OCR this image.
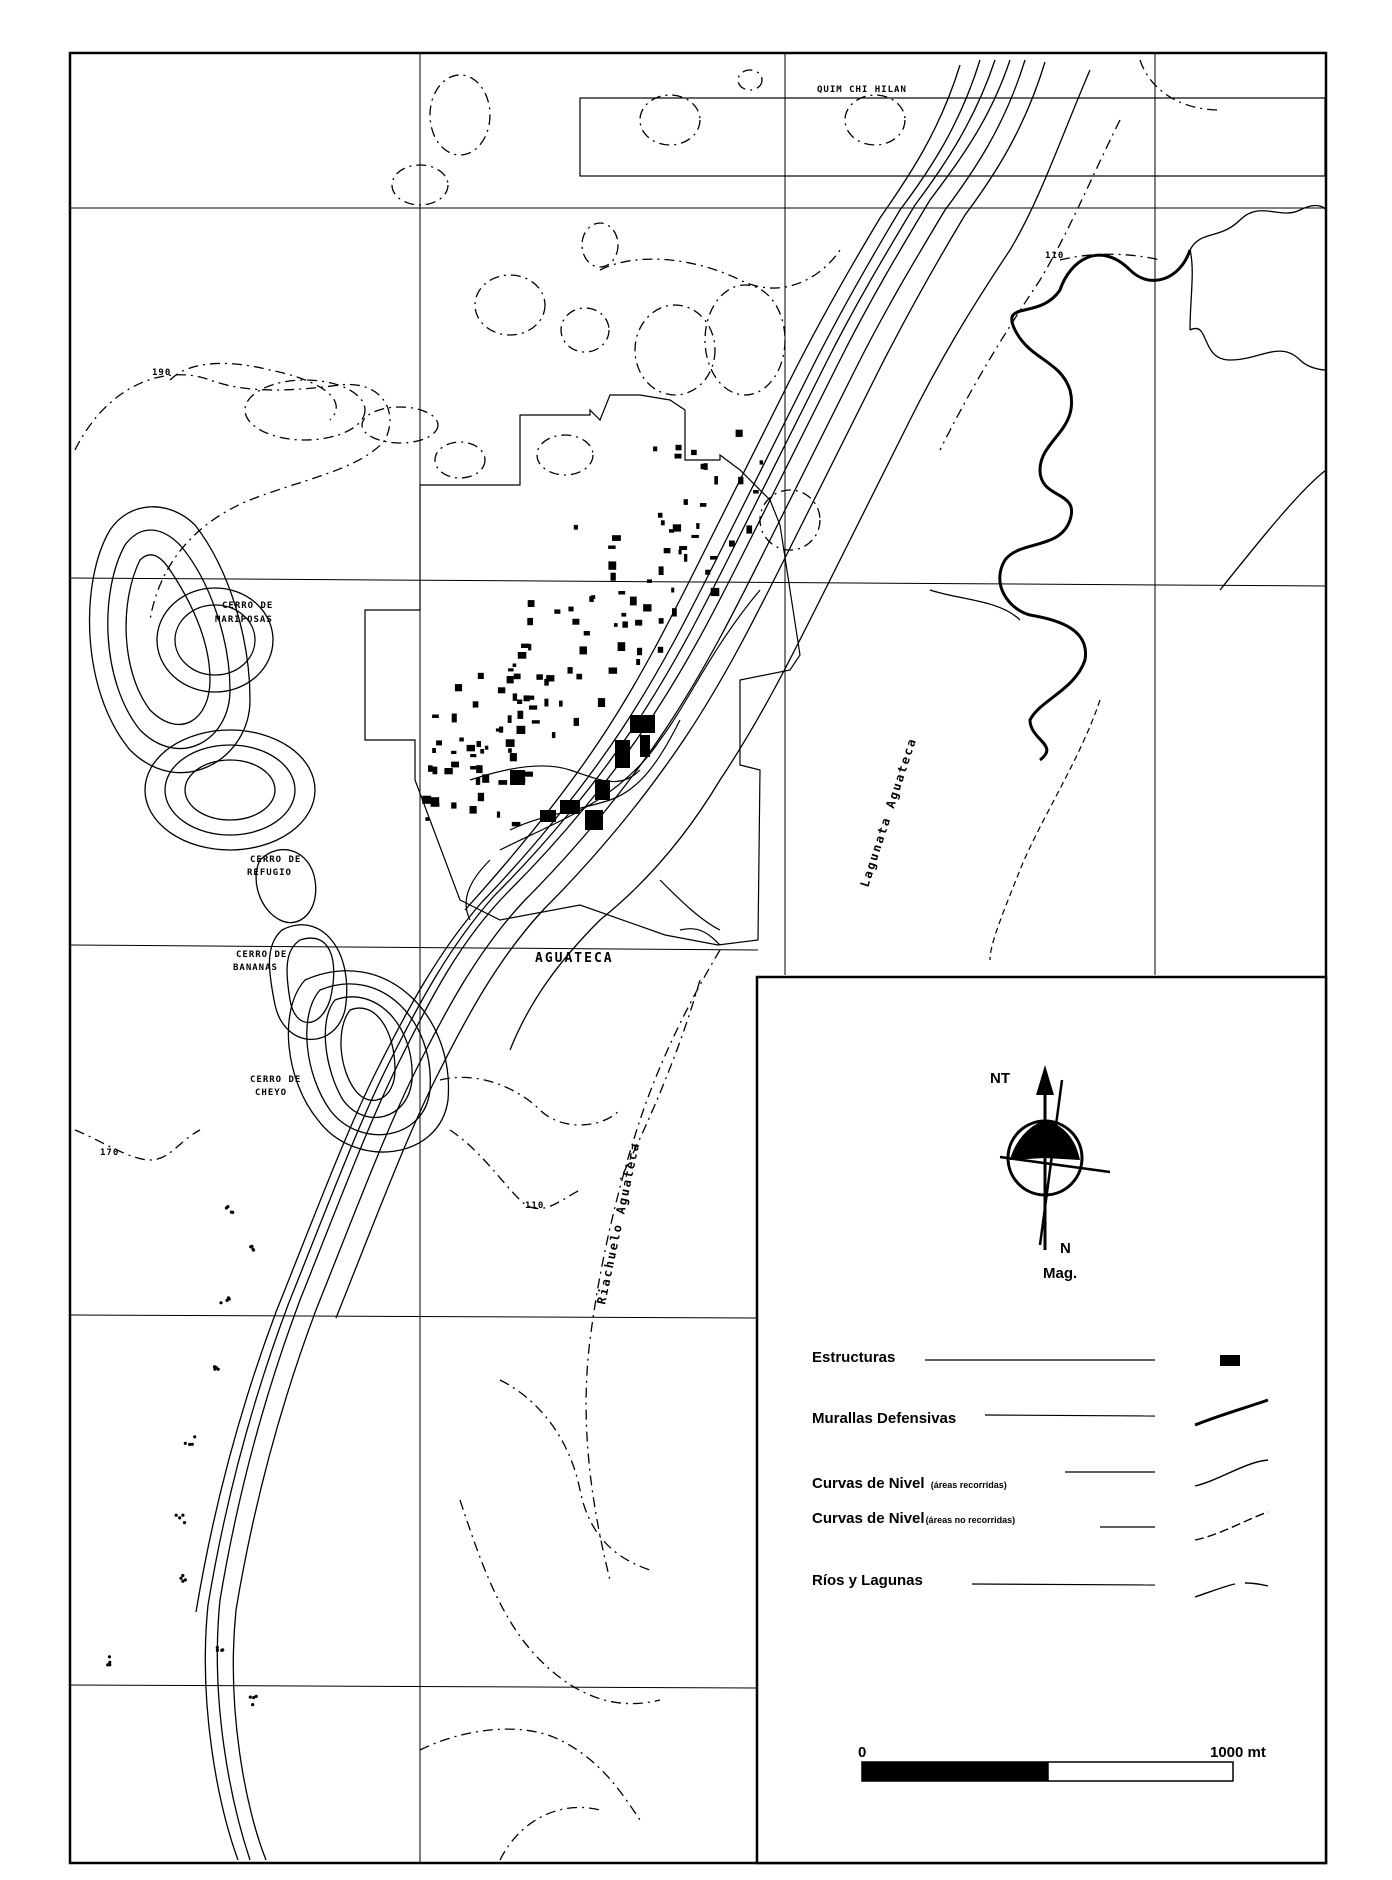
110
190
170
110
QUIM CHI HILAN
CERRO DE
MARIPOSAS
CERRO DE
REFUGIO
CERRO DE
BANANAS
CERRO DE
CHEYO
AGUATECA
Lagunata Aguateca
Riachuelo Aguateca
NT
N
Mag.
Estructuras
Murallas Defensivas
Curvas de Nivel (áreas recorridas)
Curvas de Nivel(áreas no recorridas)
Ríos y Lagunas
0	1000 mt
